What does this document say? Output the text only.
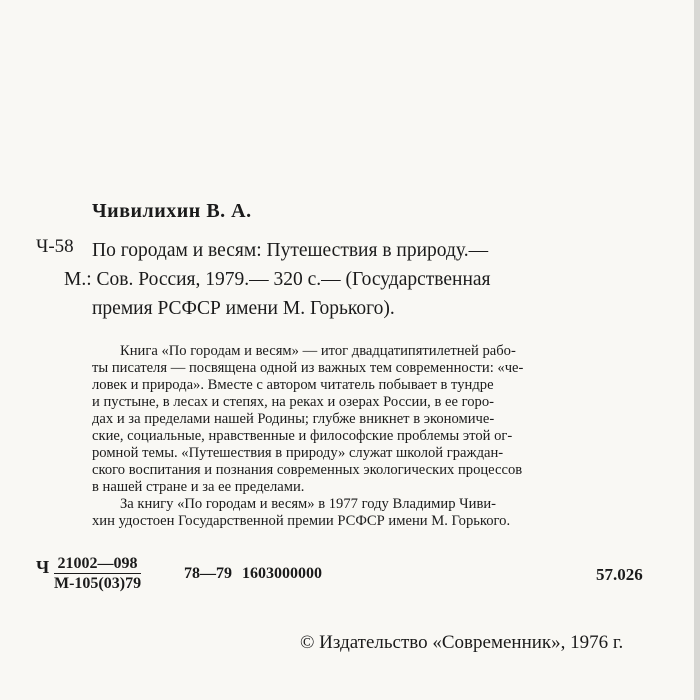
Чивилихин В. А.
Ч-58 По городам и весям: Путешествия в природу.—
М.: Сов. Россия, 1979.— 320 с.— (Государственная
премия РСФСР имени М. Горького).
Книга «По городам и весям» — итог двадцатипятилетней рабо-
ты писателя — посвящена одной из важных тем современности: «че-
ловек и природа». Вместе с автором читатель побывает в тундре
и пустыне, в лесах и степях, на реках и озерах России, в ее горо-
дах и за пределами нашей Родины; глубже вникнет в экономиче-
ские, социальные, нравственные и философские проблемы этой ог-
ромной темы. «Путешествия в природу» служат школой граждан-
ского воспитания и познания современных экологических процессов
в нашей стране и за ее пределами.
За книгу «По городам и весям» в 1977 году Владимир Чиви-
хин удостоен Государственной премии РСФСР имени М. Горького.
Ч 21002—098
М-105(03)79
78—79 1603000000	57.026
© Издательство «Современник», 1976 г.
